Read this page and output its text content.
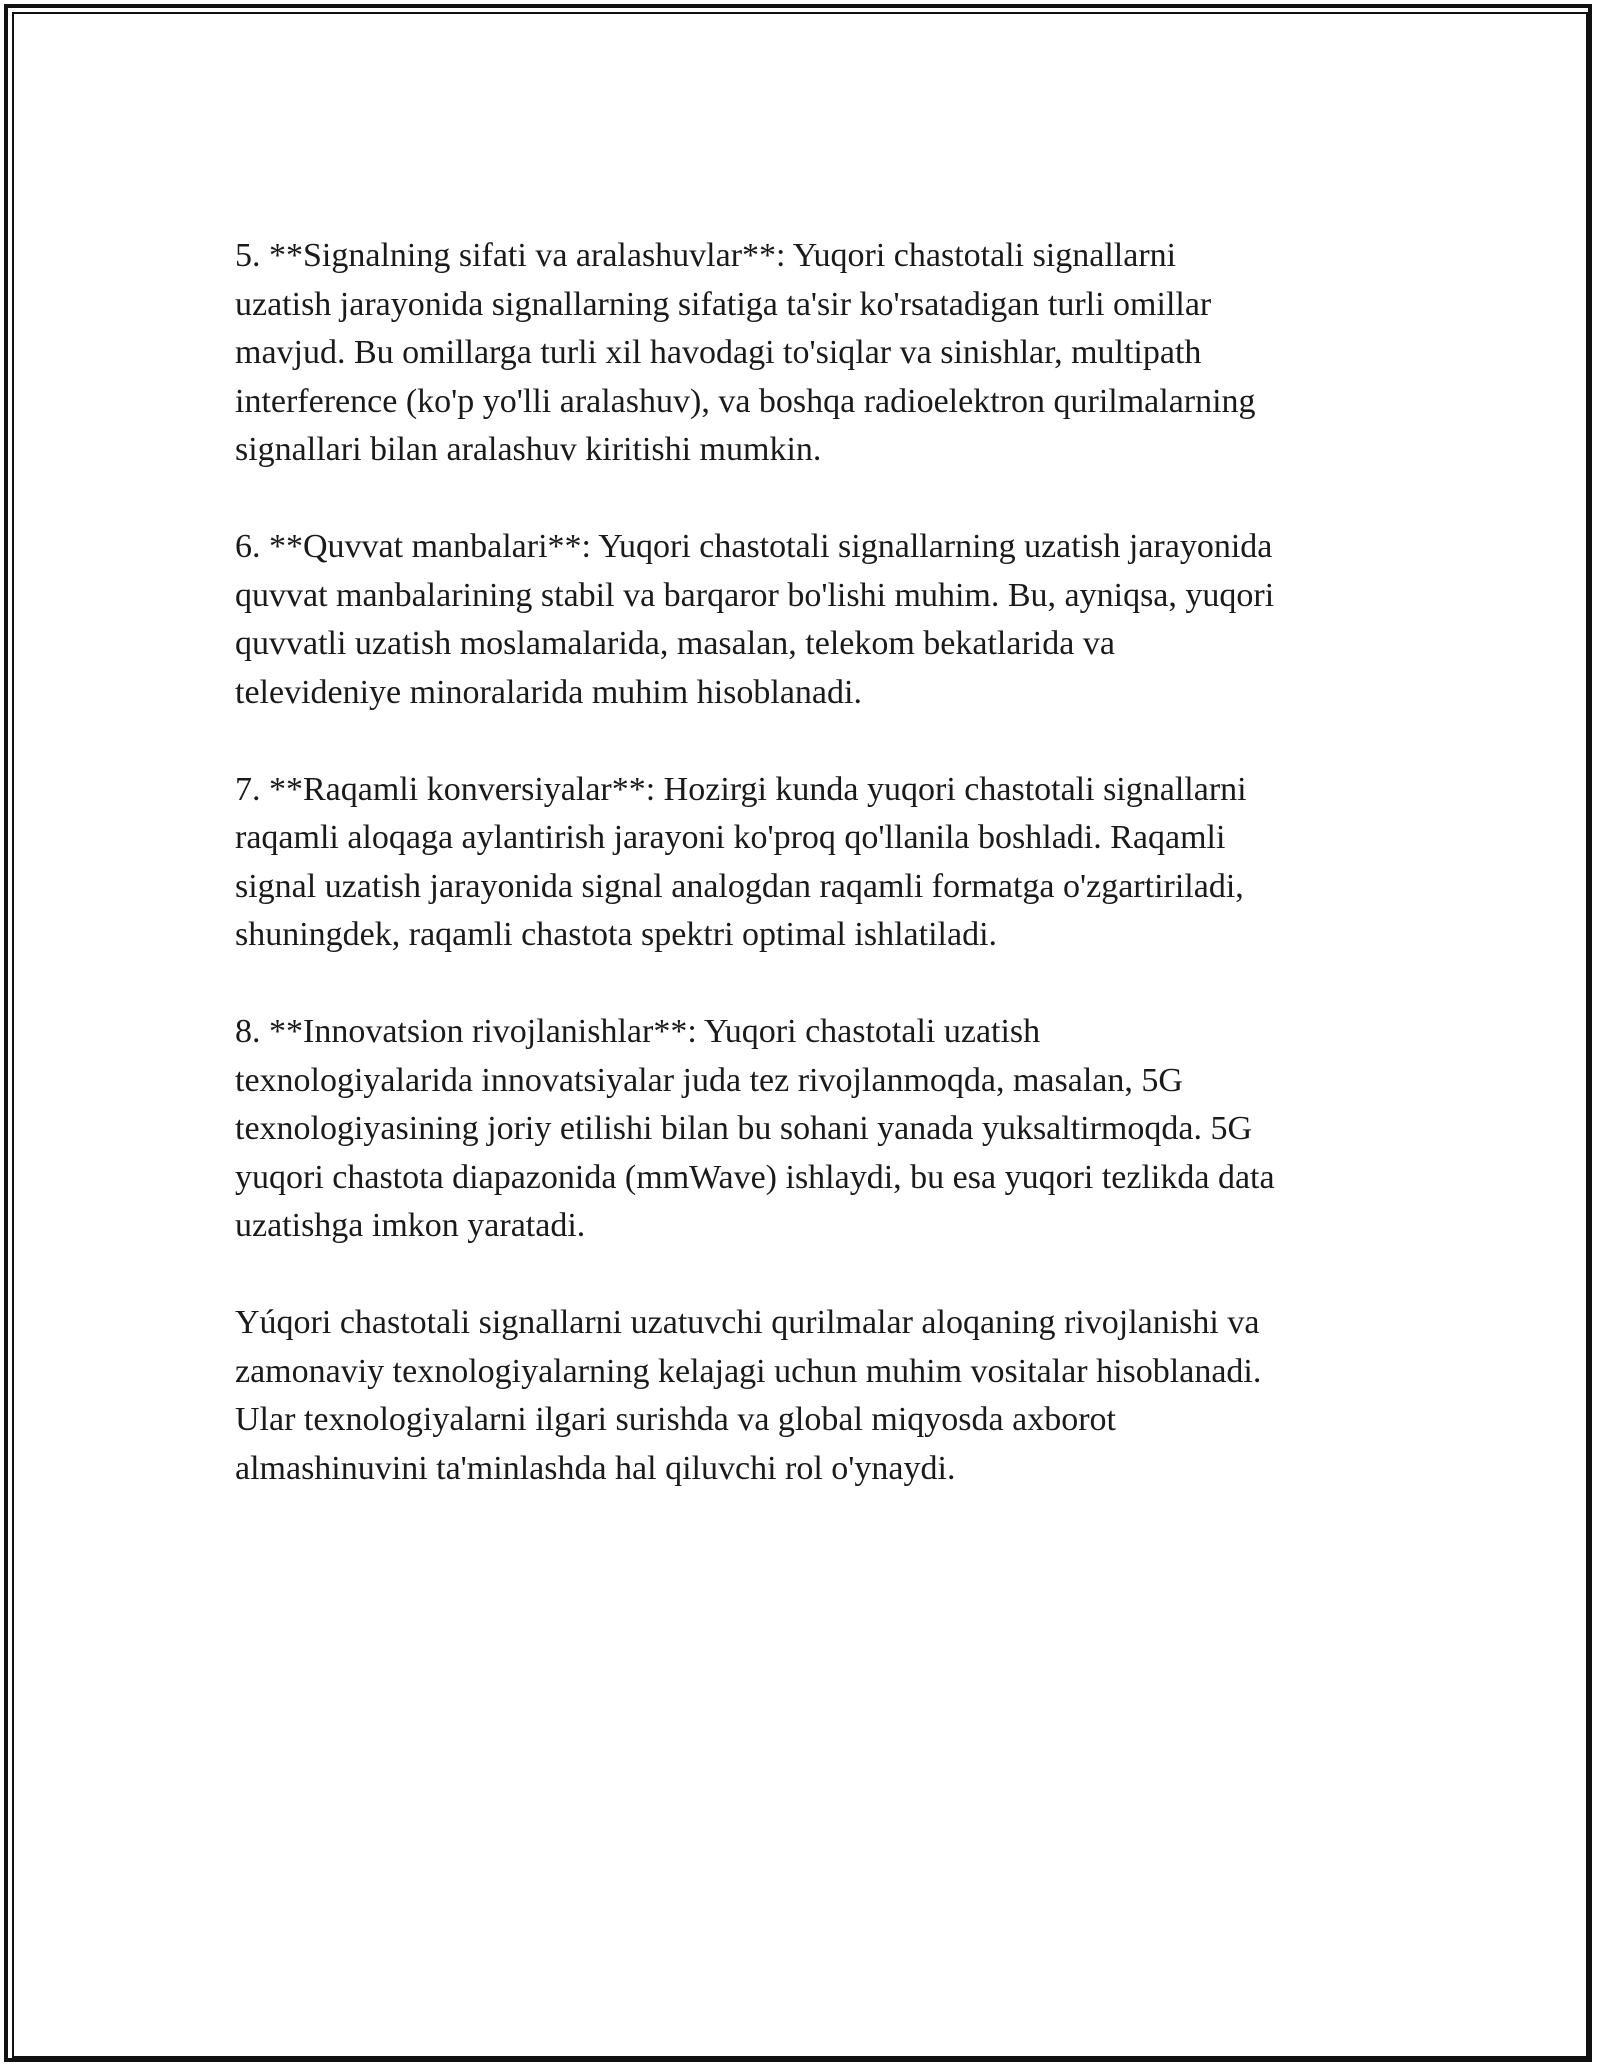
5. **Signalning sifati va aralashuvlar**: Yuqori chastotali signallarni
uzatish jarayonida signallarning sifatiga ta'sir ko'rsatadigan turli omillar
mavjud. Bu omillarga turli xil havodagi to'siqlar va sinishlar, multipath
interference (ko'p yo'lli aralashuv), va boshqa radioelektron qurilmalarning
signallari bilan aralashuv kiritishi mumkin.

6. **Quvvat manbalari**: Yuqori chastotali signallarning uzatish jarayonida
quvvat manbalarining stabil va barqaror bo'lishi muhim. Bu, ayniqsa, yuqori
quvvatli uzatish moslamalarida, masalan, telekom bekatlarida va
televideniye minoralarida muhim hisoblanadi.

7. **Raqamli konversiyalar**: Hozirgi kunda yuqori chastotali signallarni
raqamli aloqaga aylantirish jarayoni ko'proq qo'llanila boshladi. Raqamli
signal uzatish jarayonida signal analogdan raqamli formatga o'zgartiriladi,
shuningdek, raqamli chastota spektri optimal ishlatiladi.

8. **Innovatsion rivojlanishlar**: Yuqori chastotali uzatish
texnologiyalarida innovatsiyalar juda tez rivojlanmoqda, masalan, 5G
texnologiyasining joriy etilishi bilan bu sohani yanada yuksaltirmoqda. 5G
yuqori chastota diapazonida (mmWave) ishlaydi, bu esa yuqori tezlikda data
uzatishga imkon yaratadi.

Yúqori chastotali signallarni uzatuvchi qurilmalar aloqaning rivojlanishi va
zamonaviy texnologiyalarning kelajagi uchun muhim vositalar hisoblanadi.
Ular texnologiyalarni ilgari surishda va global miqyosda axborot
almashinuvini ta'minlashda hal qiluvchi rol o'ynaydi.
